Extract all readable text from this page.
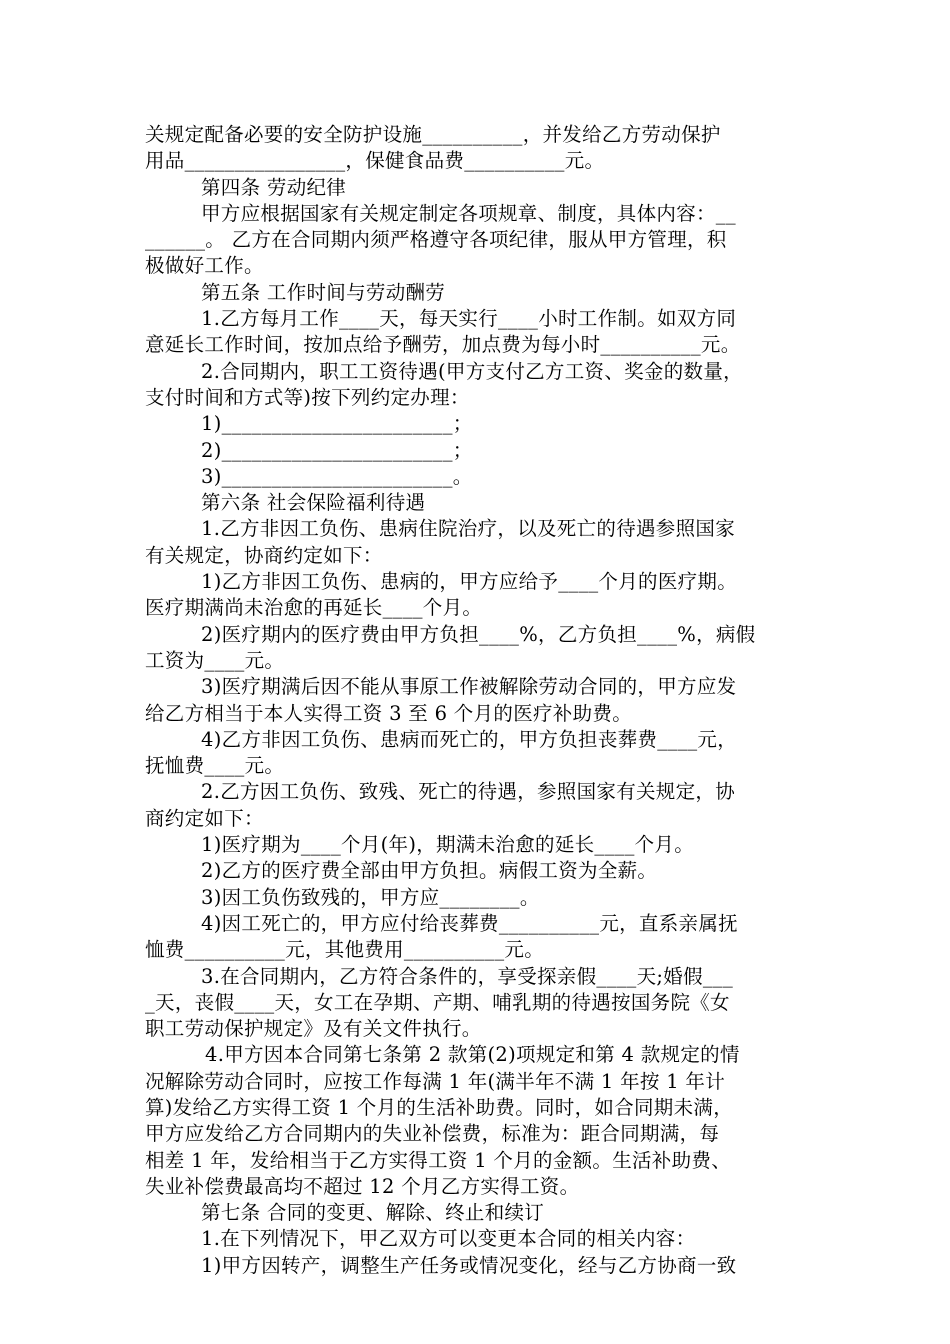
关规定配备必要的安全防护设施__________，并发给乙方劳动保护
用品________________，保健食品费__________元。
第四条 劳动纪律
甲方应根据国家有关规定制定各项规章、制度，具体内容：__
______。 乙方在合同期内须严格遵守各项纪律，服从甲方管理，积
极做好工作。
第五条 工作时间与劳动酬劳
1.乙方每月工作____天，每天实行____小时工作制。如双方同
意延长工作时间，按加点给予酬劳，加点费为每小时__________元。
2.合同期内，职工工资待遇(甲方支付乙方工资、奖金的数量，
支付时间和方式等)按下列约定办理：
1)_______________________；
2)_______________________；
3)_______________________。
第六条 社会保险福利待遇
1.乙方非因工负伤、患病住院治疗，以及死亡的待遇参照国家
有关规定，协商约定如下：
1)乙方非因工负伤、患病的，甲方应给予____个月的医疗期。
医疗期满尚未治愈的再延长____个月。
2)医疗期内的医疗费由甲方负担____%，乙方负担____%，病假
工资为____元。
3)医疗期满后因不能从事原工作被解除劳动合同的，甲方应发
给乙方相当于本人实得工资 3 至 6 个月的医疗补助费。
4)乙方非因工负伤、患病而死亡的，甲方负担丧葬费____元，
抚恤费____元。
2.乙方因工负伤、致残、死亡的待遇，参照国家有关规定，协
商约定如下：
1)医疗期为____个月(年)，期满未治愈的延长____个月。
2)乙方的医疗费全部由甲方负担。病假工资为全薪。
3)因工负伤致残的，甲方应________。
4)因工死亡的，甲方应付给丧葬费__________元，直系亲属抚
恤费__________元，其他费用__________元。
3.在合同期内，乙方符合条件的，享受探亲假____天;婚假___
_天，丧假____天，女工在孕期、产期、哺乳期的待遇按国务院《女
职工劳动保护规定》及有关文件执行。
4.甲方因本合同第七条第 2 款第(2)项规定和第 4 款规定的情
况解除劳动合同时，应按工作每满 1 年(满半年不满 1 年按 1 年计
算)发给乙方实得工资 1 个月的生活补助费。同时，如合同期未满，
甲方应发给乙方合同期内的失业补偿费，标准为：距合同期满，每
相差 1 年，发给相当于乙方实得工资 1 个月的金额。生活补助费、
失业补偿费最高均不超过 12 个月乙方实得工资。
第七条 合同的变更、解除、终止和续订
1.在下列情况下，甲乙双方可以变更本合同的相关内容：
1)甲方因转产，调整生产任务或情况变化，经与乙方协商一致
